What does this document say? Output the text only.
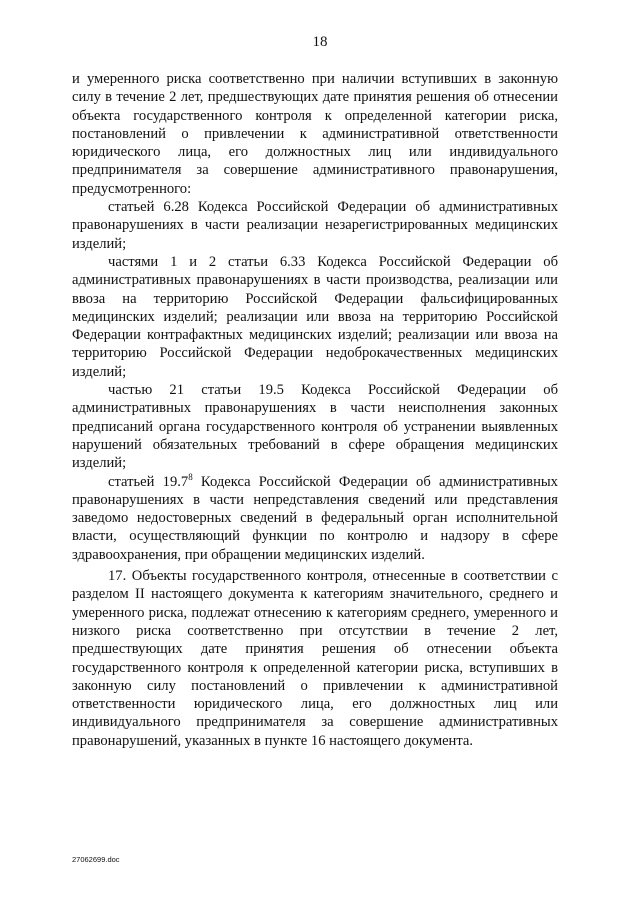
18

и умеренного риска соответственно при наличии вступивших в законную силу в течение 2 лет, предшествующих дате принятия решения об отнесении объекта государственного контроля к определенной категории риска, постановлений о привлечении к административной ответственности юридического лица, его должностных лиц или индивидуального предпринимателя за совершение административного правонарушения, предусмотренного:

статьей 6.28 Кодекса Российской Федерации об административных правонарушениях в части реализации незарегистрированных медицинских изделий;

частями 1 и 2 статьи 6.33 Кодекса Российской Федерации об административных правонарушениях в части производства, реализации или ввоза на территорию Российской Федерации фальсифицированных медицинских изделий; реализации или ввоза на территорию Российской Федерации контрафактных медицинских изделий; реализации или ввоза на территорию Российской Федерации недоброкачественных медицинских изделий;

частью 21 статьи 19.5 Кодекса Российской Федерации об административных правонарушениях в части неисполнения законных предписаний органа государственного контроля об устранении выявленных нарушений обязательных требований в сфере обращения медицинских изделий;

статьей 19.7$^8$ Кодекса Российской Федерации об административных правонарушениях в части непредставления сведений или представления заведомо недостоверных сведений в федеральный орган исполнительной власти, осуществляющий функции по контролю и надзору в сфере здравоохранения, при обращении медицинских изделий.

17. Объекты государственного контроля, отнесенные в соответствии с разделом II настоящего документа к категориям значительного, среднего и умеренного риска, подлежат отнесению к категориям среднего, умеренного и низкого риска соответственно при отсутствии в течение 2 лет, предшествующих дате принятия решения об отнесении объекта государственного контроля к определенной категории риска, вступивших в законную силу постановлений о привлечении к административной ответственности юридического лица, его должностных лиц или индивидуального предпринимателя за совершение административных правонарушений, указанных в пункте 16 настоящего документа.

27062699.doc
